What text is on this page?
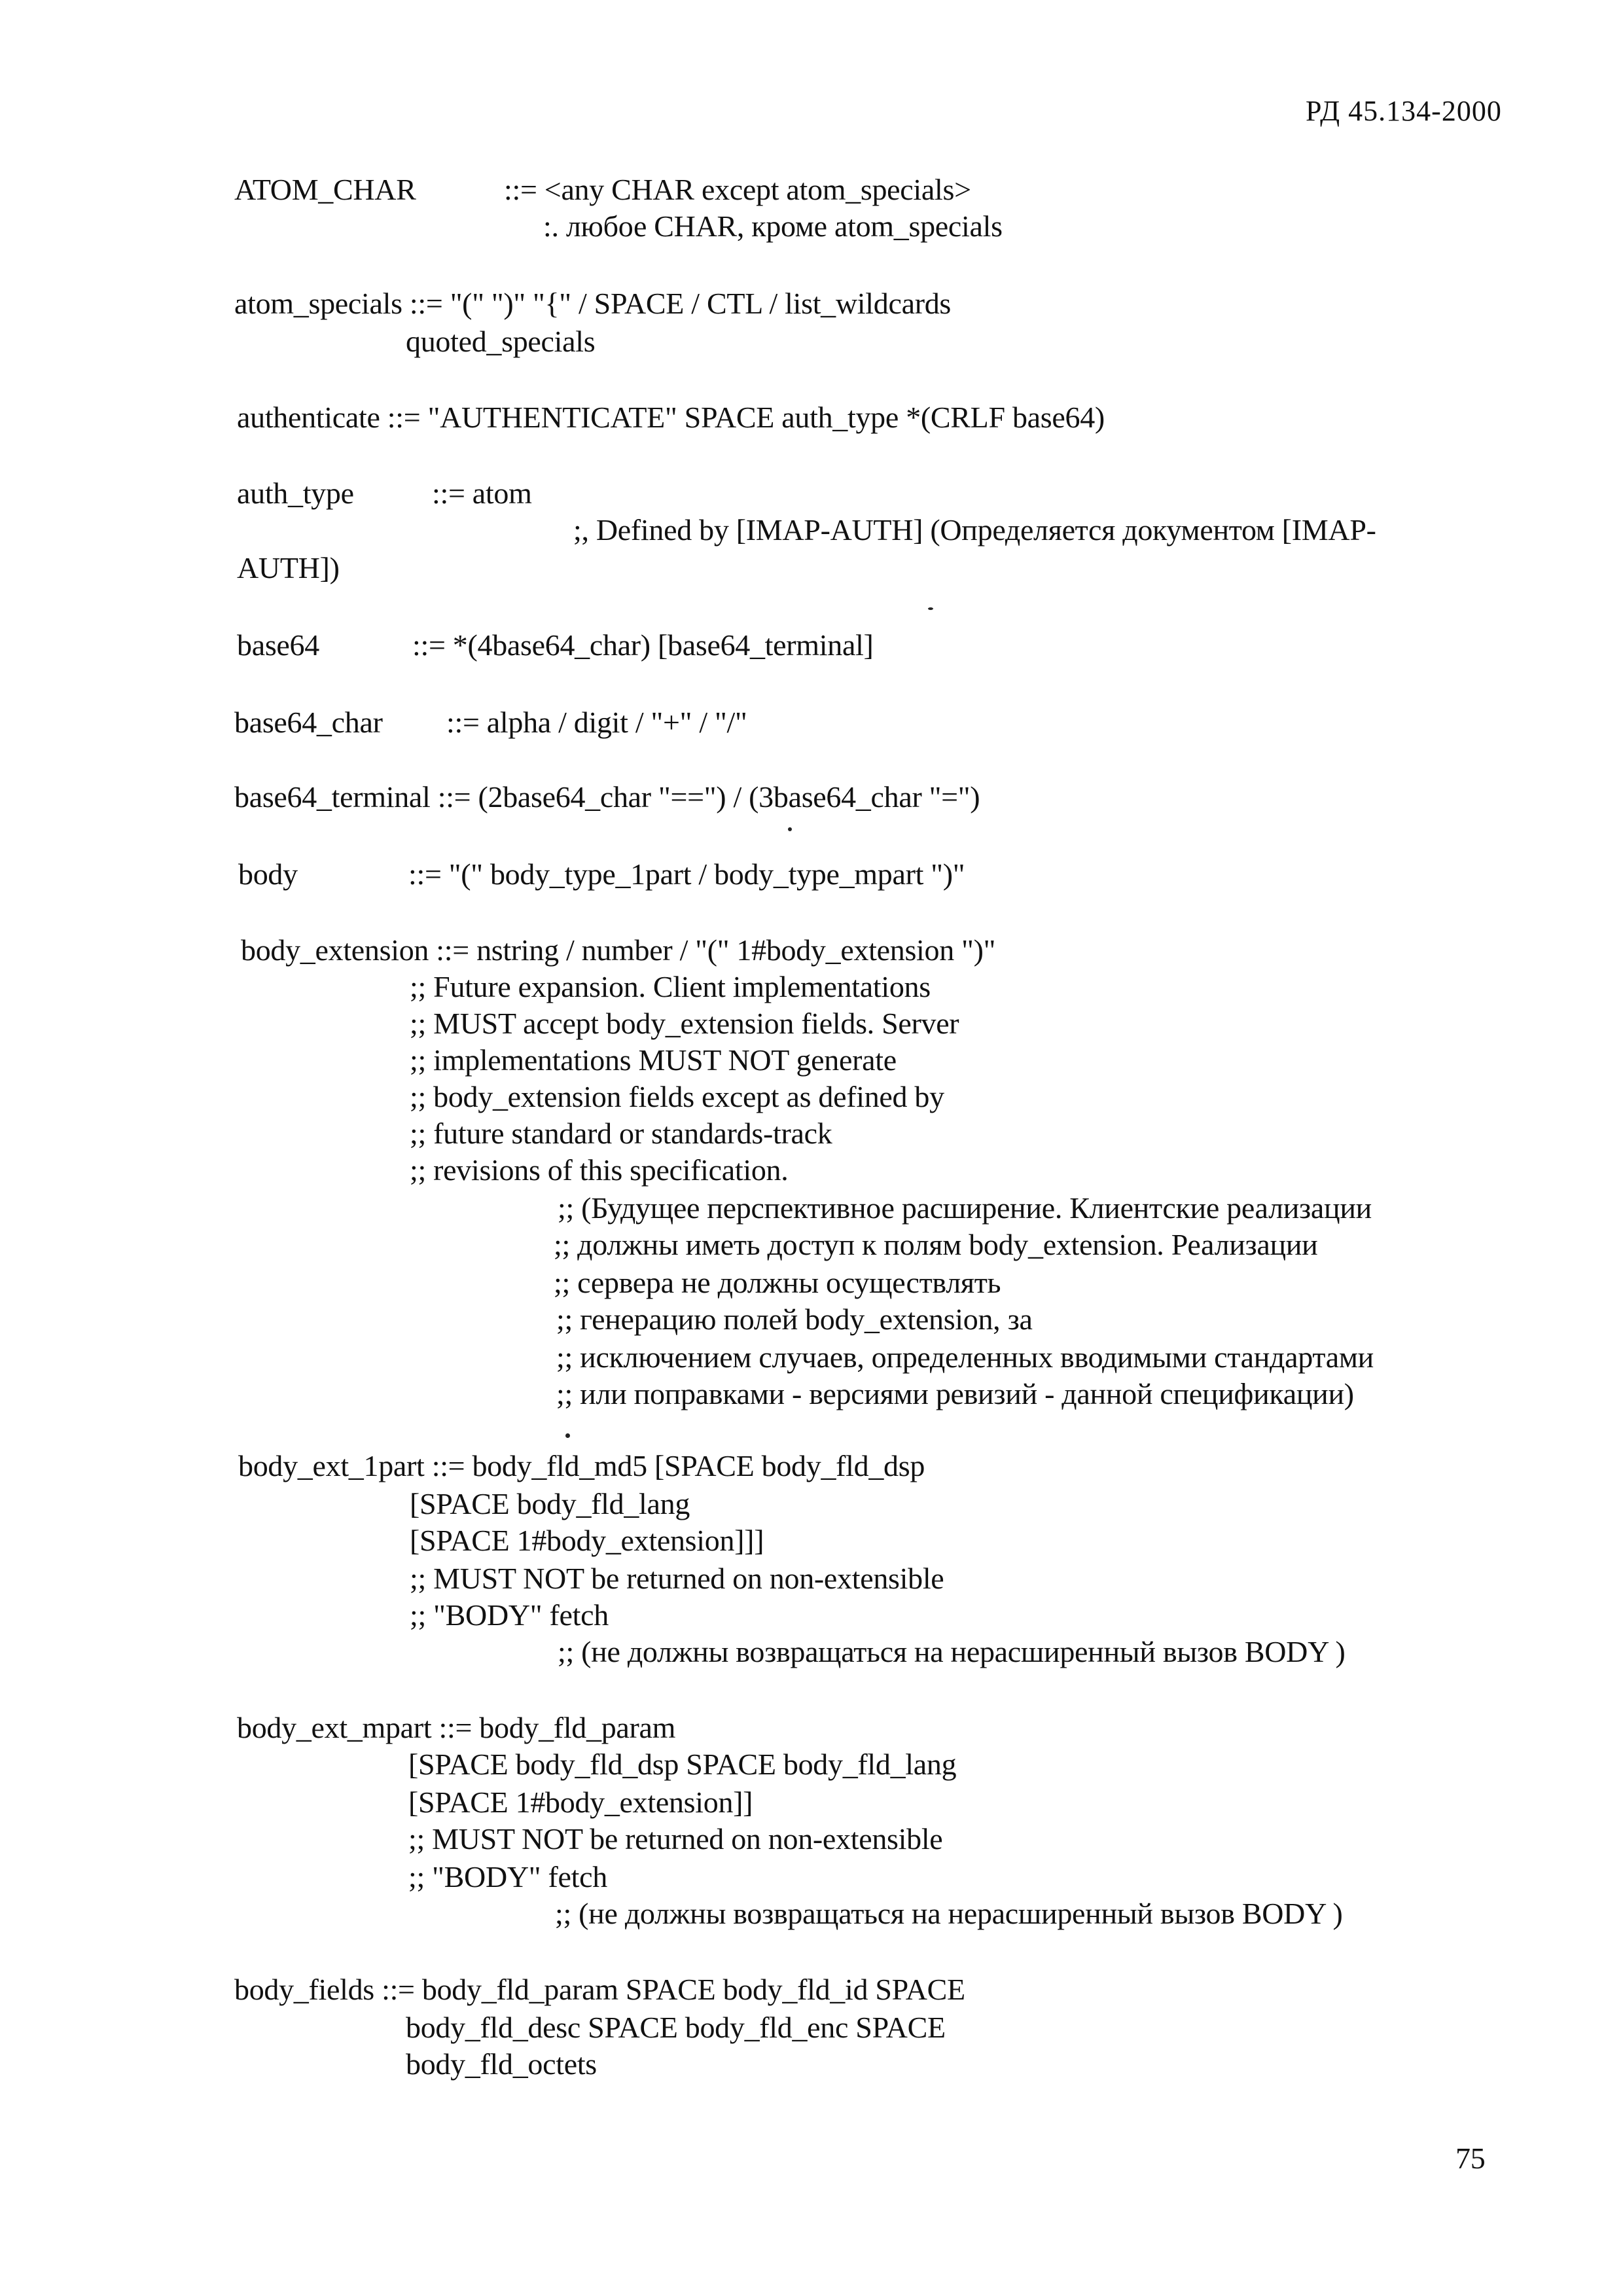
РД 45.134-2000
ATOM_CHAR	::= <any CHAR except atom_specials>
:. любое CHAR, кроме atom_specials
atom_specials ::= "(" ")" "{" / SPACE / CTL / list_wildcards
quoted_specials
authenticate ::= "AUTHENTICATE" SPACE auth_type *(CRLF base64)
auth_type	::= atom
;, Defined by [IMAP-AUTH] (Определяется документом [IMAP-
AUTH])
base64	::= *(4base64_char) [base64_terminal]
base64_char ::= alpha / digit / "+" / "/"
base64_terminal ::= (2base64_char "==") / (3base64_char "=")
body	::= "(" body_type_1part / body_type_mpart ")"
body_extension ::= nstring / number / "(" 1#body_extension ")"
;; Future expansion. Client implementations
;; MUST accept body_extension fields. Server
;; implementations MUST NOT generate
;; body_extension fields except as defined by
;; future standard or standards-track
;; revisions of this specification.
;; (Будущее перспективное расширение. Клиентские реализации
;; должны иметь доступ к полям body_extension. Реализации
;; сервера не должны осуществлять
;; генерацию полей body_extension, за
;; исключением случаев, определенных вводимыми стандартами
;; или поправками - версиями ревизий - данной спецификации)
body_ext_1part ::= body_fld_md5 [SPACE body_fld_dsp
[SPACE body_fld_lang
[SPACE 1#body_extension]]]
;; MUST NOT be returned on non-extensible
;; "BODY" fetch
;; (не должны возвращаться на нерасширенный вызов BODY )
body_ext_mpart ::= body_fld_param
[SPACE body_fld_dsp SPACE body_fld_lang
[SPACE 1#body_extension]]
;; MUST NOT be returned on non-extensible
;; "BODY" fetch
;; (не должны возвращаться на нерасширенный вызов BODY )
body_fields ::= body_fld_param SPACE body_fld_id SPACE
body_fld_desc SPACE body_fld_enc SPACE
body_fld_octets
75
